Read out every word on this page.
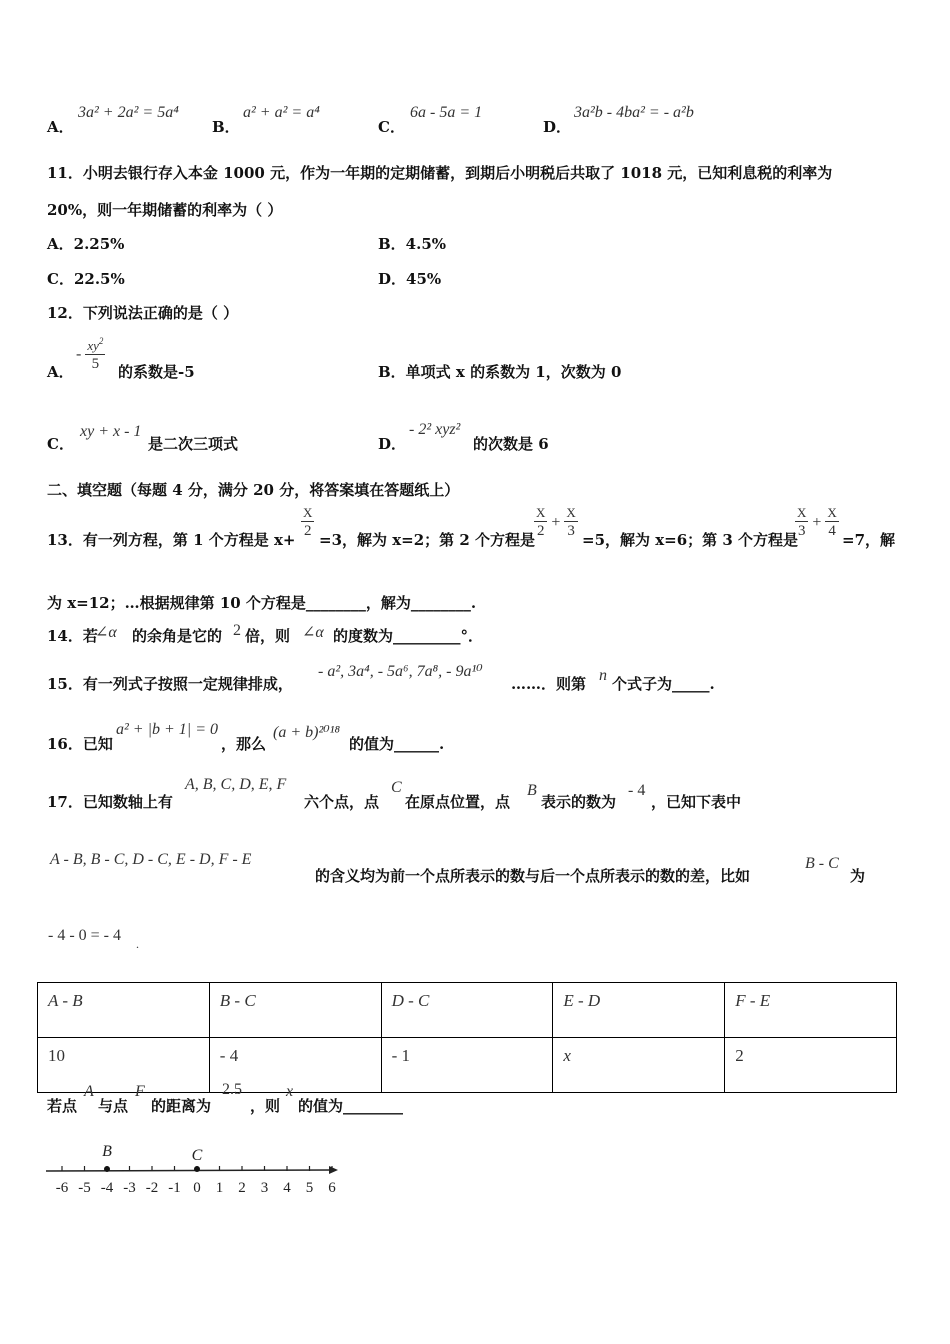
A．
3a² + 2a² = 5a⁴
B．
a² + a² = a⁴
C．
6a - 5a = 1
D．
3a²b - 4ba² = - a²b
11．小明去银行存入本金 1000 元，作为一年期的定期储蓄，到期后小明税后共取了 1018 元，已知利息税的利率为
20%，则一年期储蓄的利率为（ ）
A．2.25%	B．4.5%
C．22.5%	D．45%
12．下列说法正确的是（ ）
A．
- $\frac{xy^2}{5}$ 的系数是-5	B．单项式 x 的系数为 1，次数为 0
C．
xy + x - 1
是二次三项式	D．
- 2² xyz²
的次数是 6
二、填空题（每题 4 分，满分 20 分，将答案填在答题纸上）
13．有一列方程，第 1 个方程是 x+
$\frac{X}{2}$
=3，解为 x=2；第 2 个方程是
$\frac{X}{2} + \frac{X}{3}$
=5，解为 x=6；第 3 个方程是
$\frac{X}{3} + \frac{X}{4}$
=7，解
为 x=12；…根据规律第 10 个方程是________，解为________.
14．若
∠α 的余角是它的 2 倍，则 ∠α 的度数为_________°．
15．有一列式子按照一定规律排成，
- a², 3a⁴, - 5a⁶, 7a⁸, - 9a¹⁰
……．则第 n 个式子为_____.
16．已知
a² + |b + 1| = 0
，那么
(a + b)²⁰¹⁸
的值为______.
17．已知数轴上有
A, B, C, D, E, F
六个点，点
C
在原点位置，点
B
表示的数为
- 4
，已知下表中
A - B, B - C, D - C, E - D, F - E
的含义均为前一个点所表示的数与后一个点所表示的数的差，比如
B - C
为
- 4 - 0 = - 4 .
A - B	B - C	D - C	E - D	F - E
10	- 4	- 1	x	2
若点
A
与点
F
的距离为
2.5
，则
x
的值为________
-6 -5 -4 -3 -2 -1 0 1 2 3 4 5 6
B	C
